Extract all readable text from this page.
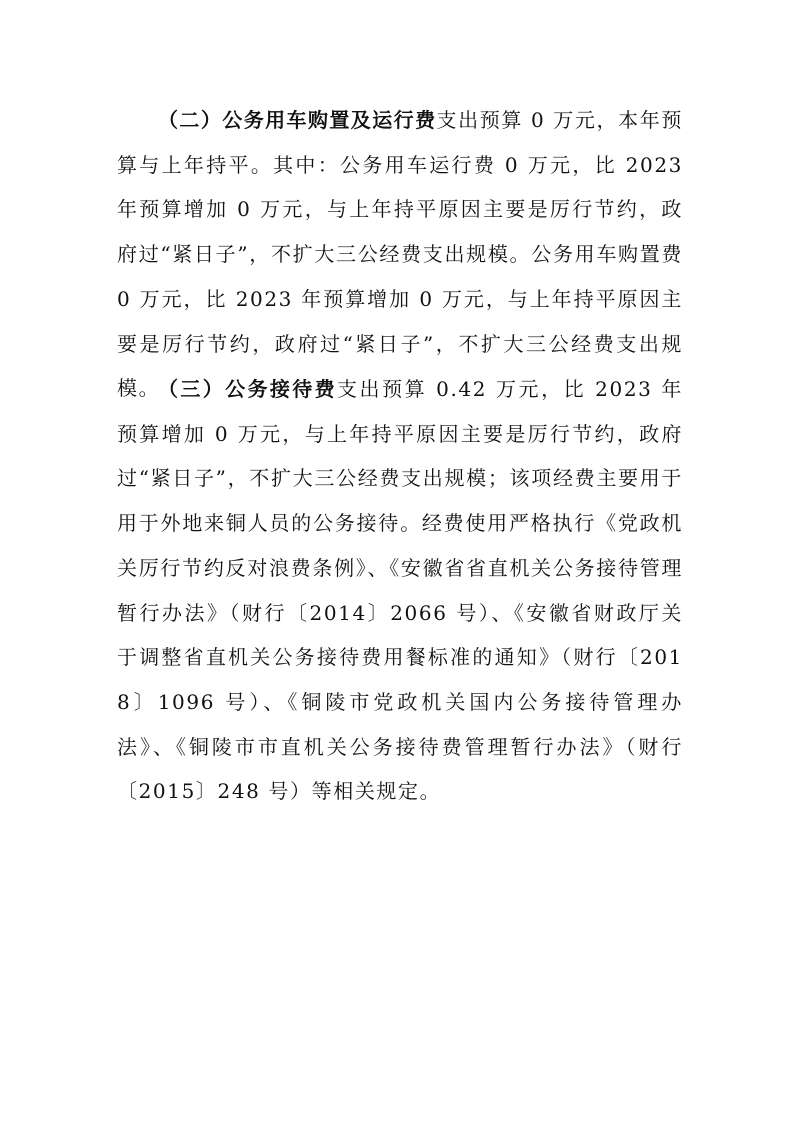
（二）公务用车购置及运行费支出预算 0 万元，本年预算与上年持平。其中：公务用车运行费 0 万元，比 2023 年预算增加 0 万元，与上年持平原因主要是厉行节约，政府过“紧日子”，不扩大三公经费支出规模。公务用车购置费 0 万元，比 2023 年预算增加 0 万元，与上年持平原因主要是厉行节约，政府过“紧日子”，不扩大三公经费支出规模。

（三）公务接待费支出预算 0.42 万元，比 2023 年预算增加 0 万元，与上年持平原因主要是厉行节约，政府过“紧日子”，不扩大三公经费支出规模；该项经费主要用于用于外地来铜人员的公务接待。经费使用严格执行《党政机关厉行节约反对浪费条例》、《安徽省省直机关公务接待管理暂行办法》（财行〔2014〕2066 号）、《安徽省财政厅关于调整省直机关公务接待费用餐标准的通知》（财行〔2018〕1096 号）、《铜陵市党政机关国内公务接待管理办法》、《铜陵市市直机关公务接待费管理暂行办法》（财行〔2015〕248 号）等相关规定。
